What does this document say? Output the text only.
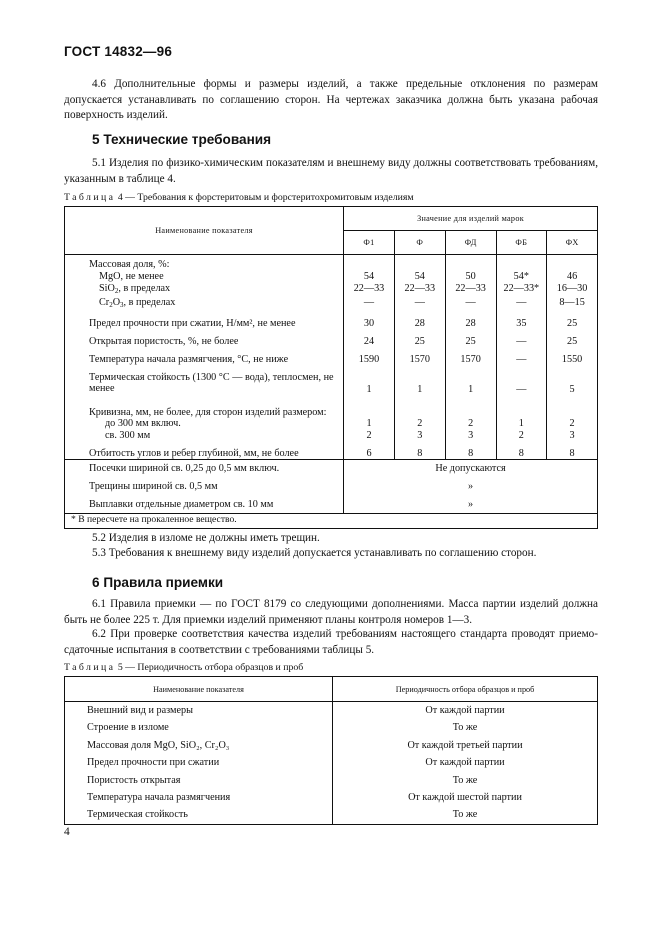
ГОСТ 14832—96
4.6 Дополнительные формы и размеры изделий, а также предельные отклонения по размерам допускается устанавливать по соглашению сторон. На чертежах заказчика должна быть указана рабочая поверхность изделий.
5 Технические требования
5.1 Изделия по физико-химическим показателям и внешнему виду должны соответствовать требованиям, указанным в таблице 4.
Таблица 4 — Требования к форстеритовым и форстеритохромитовым изделиям
Наименование показателя	Значение для изделий марок				
	Ф1	Ф	ФД	ФБ	ФХ

Массовая доля, %:					

MgO, не менее	54	54	50	54*	46

SiO$_2$, в пределах	22—33	22—33	22—33	22—33*	16—30

$Cr_2O_3$, в пределах	—	—	—	—	8—15

Предел прочности при сжатии, Н/мм², не менее	30	28	28	35	25

Открытая пористость, %, не более	24	25	25	—	25

Температура начала размягчения, °С, не ниже	1590	1570	1570	—	1550

Термическая стойкость (1300 °С — вода), теплосмен, не менее	1	1	1	—	5

Кривизна, мм, не более, для сторон изделий размером:					

до 300 мм включ.	1	2	2	1	2

св. 300 мм	2	3	3	2	3

Отбитость углов и ребер глубиной, мм, не более	6	8	8	8	8

Посечки шириной св. 0,25 до 0,5 мм включ.	Не допускаются				
Трещины шириной св. 0,5 мм	»				
Выплавки отдельные диаметром св. 10 мм	»				
* В пересчете на прокаленное вещество.					
5.2 Изделия в изломе не должны иметь трещин.
5.3 Требования к внешнему виду изделий допускается устанавливать по соглашению сторон.
6 Правила приемки
6.1 Правила приемки — по ГОСТ 8179 со следующими дополнениями. Масса партии изделий должна быть не более 225 т. Для приемки изделий применяют планы контроля номеров 1—3.
6.2 При проверке соответствия качества изделий требованиям настоящего стандарта проводят приемо-сдаточные испытания в соответствии с требованиями таблицы 5.
Таблица 5 — Периодичность отбора образцов и проб
Наименование показателя	Периодичность отбора образцов и проб
Внешний вид и размеры	От каждой партии
Строение в изломе	То же
Массовая доля MgO, SiO₂, Cr₂O₃	От каждой третьей партии
Предел прочности при сжатии	От каждой партии
Пористость открытая	То же
Температура начала размягчения	От каждой шестой партии
Термическая стойкость	То же
4
